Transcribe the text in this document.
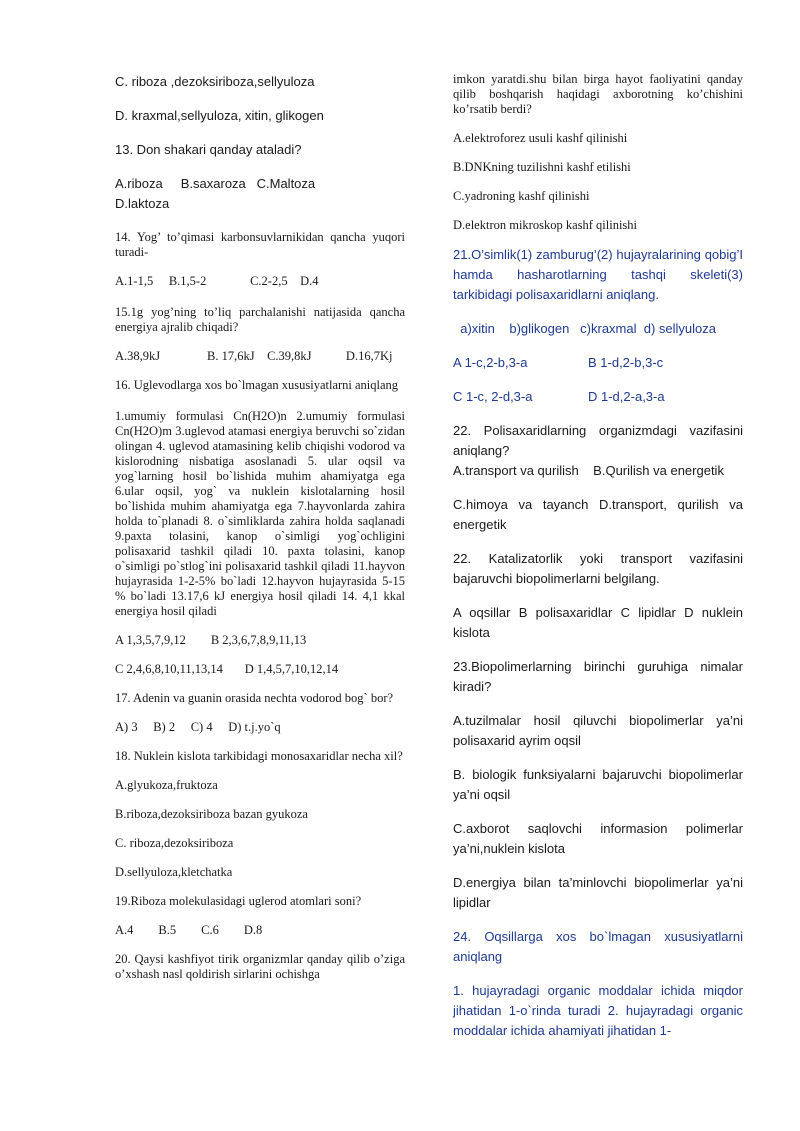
C. riboza ,dezoksiriboza,sellyuloza

D. kraxmal,sellyuloza, xitin, glikogen

13. Don shakari qanday ataladi?

A.riboza     B.saxaroza   C.Maltoza

D.laktoza

14. Yog’ to’qimasi karbonsuvlarnikidan qancha yuqori turadi-

A.1-1,5     B.1,5-2              C.2-2,5    D.4

15.1g yog’ning to’liq parchalanishi natijasida qancha energiya ajralib chiqadi?

A.38,9kJ               B. 17,6kJ    C.39,8kJ           D.16,7Kj

16. Uglevodlarga xos bo`lmagan xususiyatlarni aniqlang

1.umumiy formulasi Cn(H2O)n 2.umumiy formulasi Cn(H2O)m 3.uglevod atamasi energiya beruvchi so`zidan olingan 4. uglevod atamasining kelib chiqishi vodorod va kislorodning nisbatiga asoslanadi 5. ular oqsil va yog`larning hosil bo`lishida muhim ahamiyatga ega 6.ular oqsil, yog` va nuklein kislotalarning hosil bo`lishida muhim ahamiyatga ega 7.hayvonlarda zahira holda to`planadi 8. o`simliklarda zahira holda saqlanadi 9.paxta tolasini, kanop o`simligi yog`ochligini polisaxarid tashkil qiladi 10. paxta tolasini, kanop o`simligi po`stlog`ini polisaxarid tashkil qiladi 11.hayvon hujayrasida 1-2-5% bo`ladi 12.hayvon hujayrasida 5-15 % bo`ladi 13.17,6 kJ energiya hosil qiladi 14. 4,1 kkal energiya hosil qiladi

A 1,3,5,7,9,12        B 2,3,6,7,8,9,11,13

C 2,4,6,8,10,11,13,14       D 1,4,5,7,10,12,14

17. Adenin va guanin orasida nechta vodorod bog` bor?

A) 3     B) 2     C) 4     D) t.j.yo`q

18. Nuklein kislota tarkibidagi monosaxaridlar necha xil?

A.glyukoza,fruktoza

B.riboza,dezoksiriboza bazan gyukoza

C. riboza,dezoksiriboza

D.sellyuloza,kletchatka

19.Riboza molekulasidagi uglerod atomlari soni?

A.4        B.5        C.6        D.8

20. Qaysi kashfiyot tirik organizmlar qanday qilib o’ziga o’xshash nasl qoldirish sirlarini ochishga

imkon yaratdi.shu bilan birga hayot faoliyatini qanday qilib boshqarish haqidagi axborotning ko’chishini ko’rsatib berdi?

A.elektroforez usuli kashf qilinishi

B.DNKning tuzilishni kashf etilishi

C.yadroning kashf qilinishi

D.elektron mikroskop kashf qilinishi

21.O’simlik(1) zamburug’(2) hujayralarining qobig’I hamda hasharotlarning tashqi skeleti(3) tarkibidagi polisaxaridlarni aniqlang.

a)xitin    b)glikogen   c)kraxmal  d) sellyuloza

A 1-c,2-b,3-a	B 1-d,2-b,3-c
C 1-c, 2-d,3-a	D 1-d,2-a,3-a

22. Polisaxaridlarning organizmdagi vazifasini aniqlang?

A.transport va qurilish    B.Qurilish va energetik

C.himoya va tayanch D.transport, qurilish va energetik

22. Katalizatorlik yoki transport vazifasini bajaruvchi biopolimerlarni belgilang.

A oqsillar B polisaxaridlar C lipidlar D nuklein kislota

23.Biopolimerlarning birinchi guruhiga nimalar kiradi?

A.tuzilmalar hosil qiluvchi biopolimerlar ya’ni polisaxarid ayrim oqsil

B. biologik funksiyalarni bajaruvchi biopolimerlar ya’ni oqsil

C.axborot saqlovchi informasion polimerlar ya’ni,nuklein kislota

D.energiya bilan ta’minlovchi biopolimerlar ya’ni lipidlar

24. Oqsillarga xos bo`lmagan xususiyatlarni aniqlang

1. hujayradagi organic moddalar ichida miqdor jihatidan 1-o`rinda turadi 2. hujayradagi organic moddalar ichida ahamiyati jihatidan 1-
